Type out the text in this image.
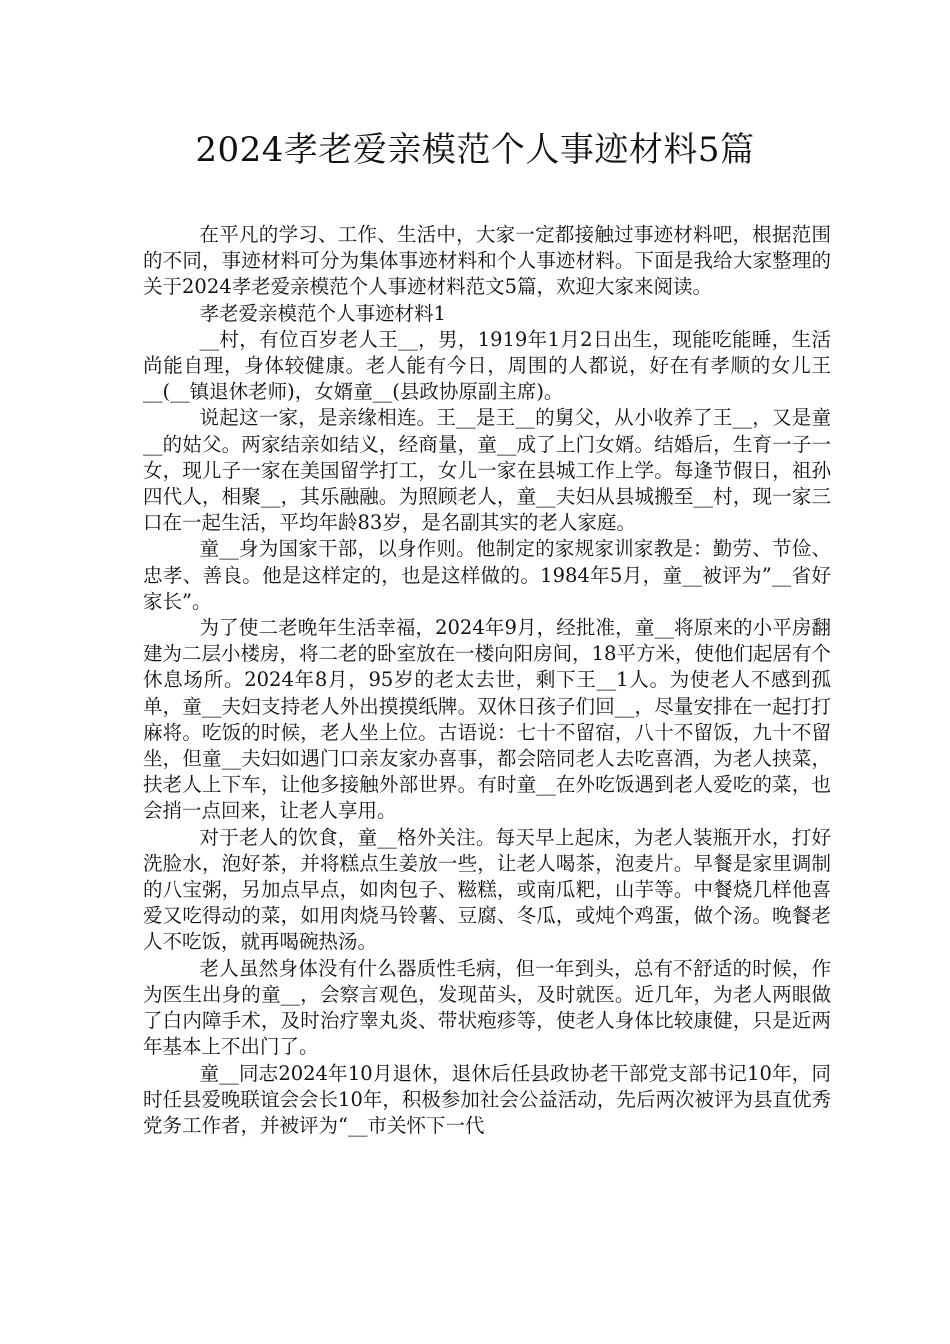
2024孝老爱亲模范个人事迹材料5篇

在平凡的学习、工作、生活中，大家一定都接触过事迹材料吧，根据范围的不同，事迹材料可分为集体事迹材料和个人事迹材料。下面是我给大家整理的关于2024孝老爱亲模范个人事迹材料范文5篇，欢迎大家来阅读。

孝老爱亲模范个人事迹材料1

__村，有位百岁老人王__，男，1919年1月2日出生，现能吃能睡，生活尚能自理，身体较健康。老人能有今日，周围的人都说，好在有孝顺的女儿王__(__镇退休老师)，女婿童__(县政协原副主席)。

说起这一家，是亲缘相连。王__是王__的舅父，从小收养了王__，又是童__的姑父。两家结亲如结义，经商量，童__成了上门女婿。结婚后，生育一子一女，现儿子一家在美国留学打工，女儿一家在县城工作上学。每逢节假日，祖孙四代人，相聚__，其乐融融。为照顾老人，童__夫妇从县城搬至__村，现一家三口在一起生活，平均年龄83岁，是名副其实的老人家庭。

童__身为国家干部，以身作则。他制定的家规家训家教是：勤劳、节俭、忠孝、善良。他是这样定的，也是这样做的。1984年5月，童__被评为”__省好家长”。

为了使二老晚年生活幸福，2024年9月，经批准，童__将原来的小平房翻建为二层小楼房，将二老的卧室放在一楼向阳房间，18平方米，使他们起居有个休息场所。2024年8月，95岁的老太去世，剩下王__1人。为使老人不感到孤单，童__夫妇支持老人外出摸摸纸牌。双休日孩子们回__，尽量安排在一起打打麻将。吃饭的时候，老人坐上位。古语说：七十不留宿，八十不留饭，九十不留坐，但童__夫妇如遇门口亲友家办喜事，都会陪同老人去吃喜酒，为老人挟菜，扶老人上下车，让他多接触外部世界。有时童__在外吃饭遇到老人爱吃的菜，也会捎一点回来，让老人享用。

对于老人的饮食，童__格外关注。每天早上起床，为老人装瓶开水，打好洗脸水，泡好茶，并将糕点生姜放一些，让老人喝茶，泡麦片。早餐是家里调制的八宝粥，另加点早点，如肉包子、糍糕，或南瓜粑，山芋等。中餐烧几样他喜爱又吃得动的菜，如用肉烧马铃薯、豆腐、冬瓜，或炖个鸡蛋，做个汤。晚餐老人不吃饭，就再喝碗热汤。

老人虽然身体没有什么器质性毛病，但一年到头，总有不舒适的时候，作为医生出身的童__，会察言观色，发现苗头，及时就医。近几年，为老人两眼做了白内障手术，及时治疗睾丸炎、带状疱疹等，使老人身体比较康健，只是近两年基本上不出门了。

童__同志2024年10月退休，退休后任县政协老干部党支部书记10年，同时任县爱晚联谊会会长10年，积极参加社会公益活动，先后两次被评为县直优秀党务工作者，并被评为“__市关怀下一代
